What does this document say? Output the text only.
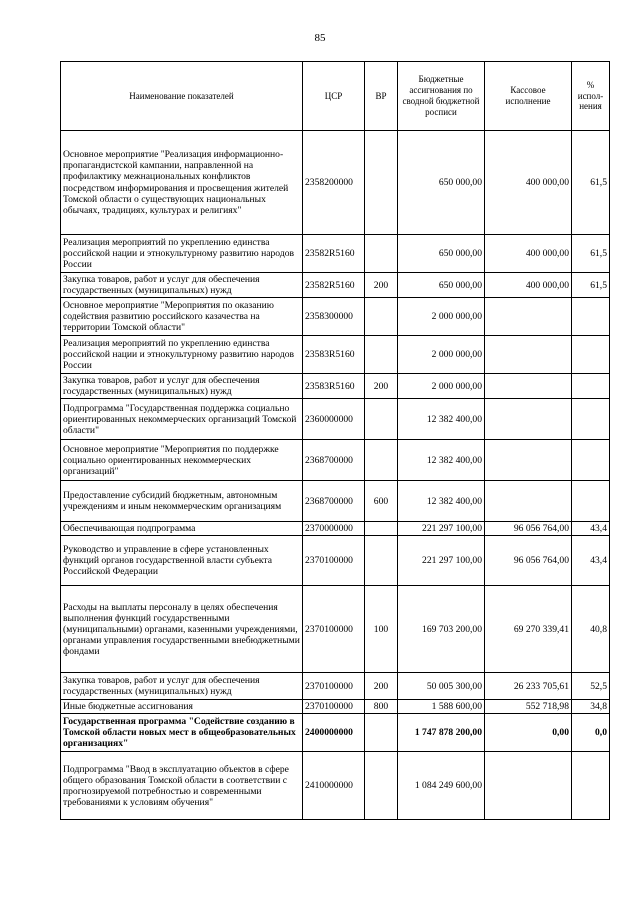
85
Наименование показателей	ЦСР	ВР	Бюджетные ассигнования по сводной бюджетной росписи	Кассовое исполнение	% испол-нения
Основное мероприятие "Реализация информационно-пропагандистской кампании, направленной на профилактику межнациональных конфликтов посредством информирования и просвещения жителей Томской области о существующих национальных обычаях, традициях, культурах и религиях"	2358200000		650 000,00	400 000,00	61,5
Реализация мероприятий по укреплению единства российской нации и этнокультурному развитию народов России	23582R5160		650 000,00	400 000,00	61,5
Закупка товаров, работ и услуг для обеспечения государственных (муниципальных) нужд	23582R5160	200	650 000,00	400 000,00	61,5
Основное мероприятие "Мероприятия по оказанию содействия развитию российского казачества на территории Томской области"	2358300000		2 000 000,00		
Реализация мероприятий по укреплению единства российской нации и этнокультурному развитию народов России	23583R5160		2 000 000,00		
Закупка товаров, работ и услуг для обеспечения государственных (муниципальных) нужд	23583R5160	200	2 000 000,00		
Подпрограмма "Государственная поддержка социально ориентированных некоммерческих организаций Томской области"	2360000000		12 382 400,00		
Основное мероприятие "Мероприятия по поддержке социально ориентированных некоммерческих организаций"	2368700000		12 382 400,00		
Предоставление субсидий бюджетным, автономным учреждениям и иным некоммерческим организациям	2368700000	600	12 382 400,00		
Обеспечивающая подпрограмма	2370000000		221 297 100,00	96 056 764,00	43,4
Руководство и управление в сфере установленных функций органов государственной власти субъекта Российской Федерации	2370100000		221 297 100,00	96 056 764,00	43,4
Расходы на выплаты персоналу в целях обеспечения выполнения функций государственными (муниципальными) органами, казенными учреждениями, органами управления государственными внебюджетными фондами	2370100000	100	169 703 200,00	69 270 339,41	40,8
Закупка товаров, работ и услуг для обеспечения государственных (муниципальных) нужд	2370100000	200	50 005 300,00	26 233 705,61	52,5
Иные бюджетные ассигнования	2370100000	800	1 588 600,00	552 718,98	34,8
Государственная программа "Содействие созданию в Томской области новых мест в общеобразовательных организациях"	2400000000		1 747 878 200,00	0,00	0,0
Подпрограмма "Ввод в эксплуатацию объектов в сфере общего образования Томской области в соответствии с прогнозируемой потребностью и современными требованиями к условиям обучения"	2410000000		1 084 249 600,00		
